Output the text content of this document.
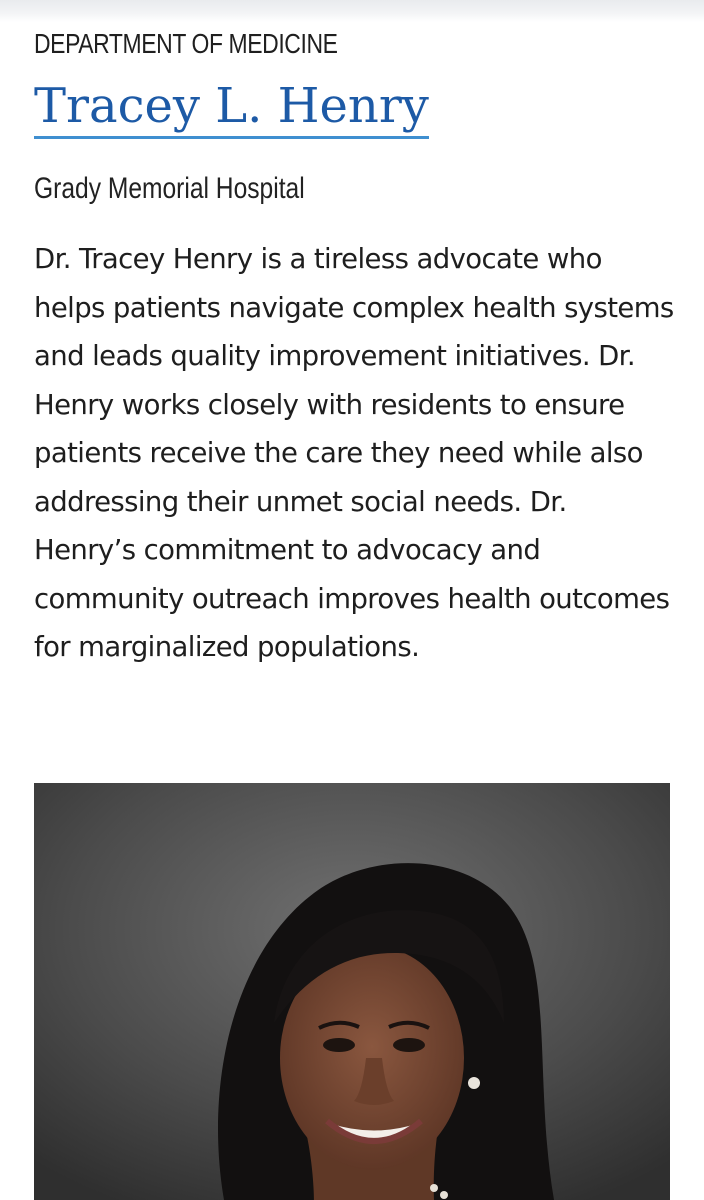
DEPARTMENT OF MEDICINE
Tracey L. Henry
Grady Memorial Hospital

Dr. Tracey Henry is a tireless advocate who helps patients navigate complex health systems and leads quality improvement initiatives. Dr. Henry works closely with residents to ensure patients receive the care they need while also addressing their unmet social needs. Dr. Henry’s commitment to advocacy and community outreach improves health outcomes for marginalized populations.
